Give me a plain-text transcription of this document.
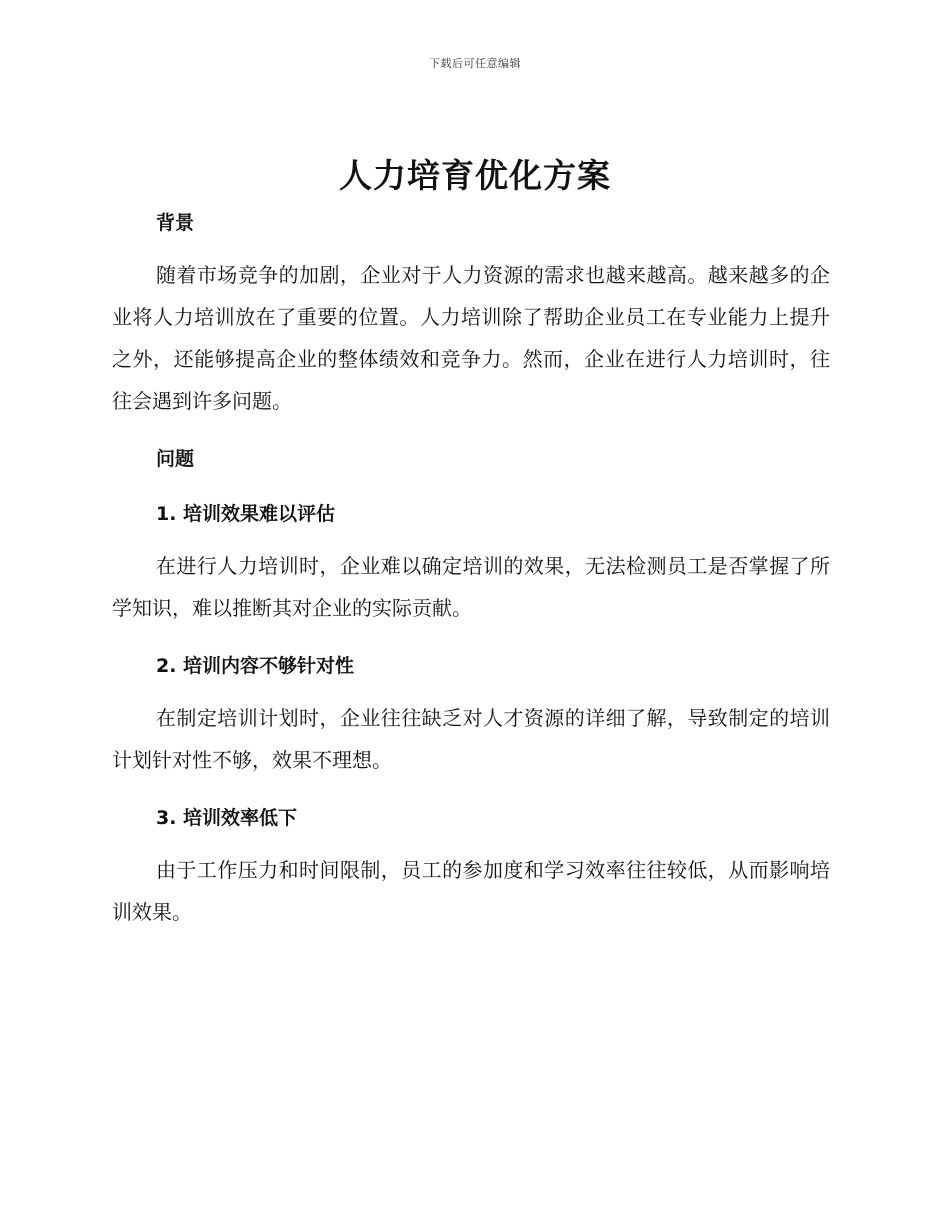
下载后可任意编辑
人力培育优化方案
背景

随着市场竞争的加剧，企业对于人力资源的需求也越来越高。越来越多的企业将人力培训放在了重要的位置。人力培训除了帮助企业员工在专业能力上提升之外，还能够提高企业的整体绩效和竞争力。然而，企业在进行人力培训时，往往会遇到许多问题。

问题
1. 培训效果难以评估

在进行人力培训时，企业难以确定培训的效果，无法检测员工是否掌握了所学知识，难以推断其对企业的实际贡献。

2. 培训内容不够针对性

在制定培训计划时，企业往往缺乏对人才资源的详细了解，导致制定的培训计划针对性不够，效果不理想。

3. 培训效率低下

由于工作压力和时间限制，员工的参加度和学习效率往往较低，从而影响培训效果。
